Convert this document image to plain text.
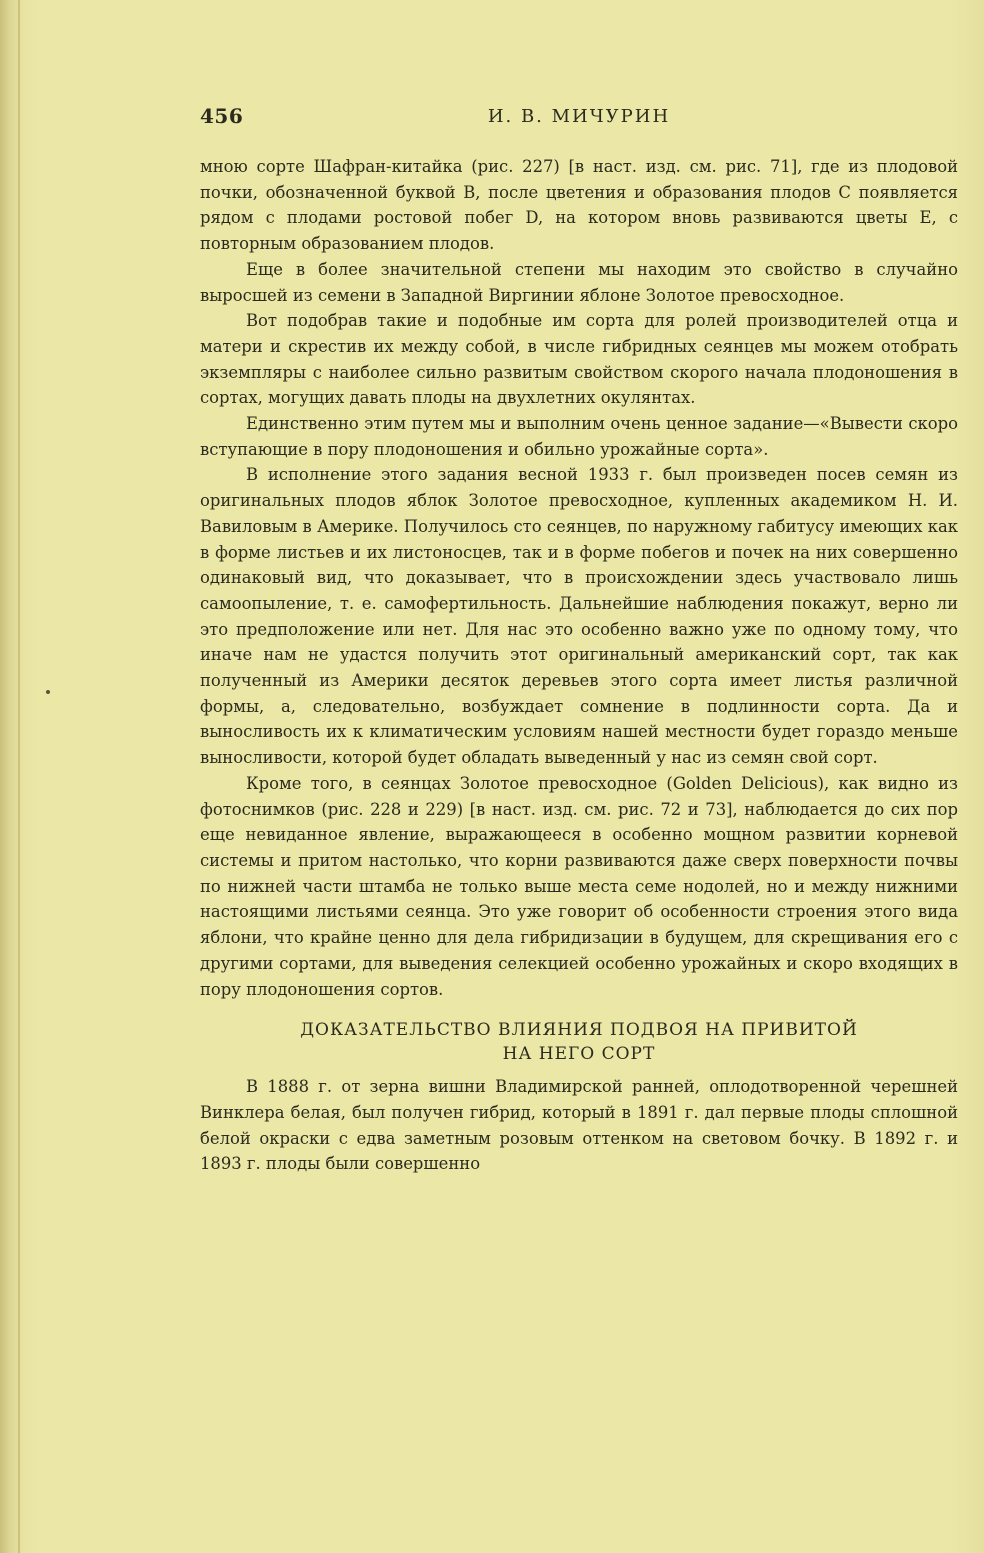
456	И. В. МИЧУРИН

мною сорте Шафран-китайка (рис. 227) [в наст. изд. см. рис. 71], где из плодовой почки, обозначенной буквой B, после цветения и образования плодов C появляется рядом с плодами ростовой побег D, на котором вновь развиваются цветы E, с повторным образованием плодов.

Еще в более значительной степени мы находим это свойство в случайно выросшей из семени в Западной Виргинии яблоне Золотое превосходное.

Вот подобрав такие и подобные им сорта для ролей производителей отца и матери и скрестив их между собой, в числе гибридных сеянцев мы можем отобрать экземпляры с наиболее сильно развитым свойством скорого начала плодоношения в сортах, могущих давать плоды на двухлетних окулянтах.

Единственно этим путем мы и выполним очень ценное задание—«Вывести скоро вступающие в пору плодоношения и обильно урожайные сорта».

В исполнение этого задания весной 1933 г. был произведен посев семян из оригинальных плодов яблок Золотое превосходное, купленных академиком Н. И. Вавиловым в Америке. Получилось сто сеянцев, по наружному габитусу имеющих как в форме листьев и их листоносцев, так и в форме побегов и почек на них совершенно одинаковый вид, что доказывает, что в происхождении здесь участвовало лишь самоопыление, т. е. самофертильность. Дальнейшие наблюдения покажут, верно ли это предположение или нет. Для нас это особенно важно уже по одному тому, что иначе нам не удастся получить этот оригинальный американский сорт, так как полученный из Америки десяток деревьев этого сорта имеет листья различной формы, а, следовательно, возбуждает сомнение в подлинности сорта. Да и выносливость их к климатическим условиям нашей местности будет гораздо меньше выносливости, которой будет обладать выведенный у нас из семян свой сорт.

Кроме того, в сеянцах Золотое превосходное (Golden Delicious), как видно из фотоснимков (рис. 228 и 229) [в наст. изд. см. рис. 72 и 73], наблюдается до сих пор еще невиданное явление, выражающееся в особенно мощном развитии корневой системы и притом настолько, что корни развиваются даже сверх поверхности почвы по нижней части штамба не только выше места семе нодолей, но и между нижними настоящими листьями сеянца. Это уже говорит об особенности строения этого вида яблони, что крайне ценно для дела гибридизации в будущем, для скрещивания его с другими сортами, для выведения селекцией особенно урожайных и скоро входящих в пору плодоношения сортов.

ДОКАЗАТЕЛЬСТВО ВЛИЯНИЯ ПОДВОЯ НА ПРИВИТОЙ
НА НЕГО СОРТ

В 1888 г. от зерна вишни Владимирской ранней, оплодотворенной черешней Винклера белая, был получен гибрид, который в 1891 г. дал первые плоды сплошной белой окраски с едва заметным розовым оттенком на световом бочку. В 1892 г. и 1893 г. плоды были совершенно
